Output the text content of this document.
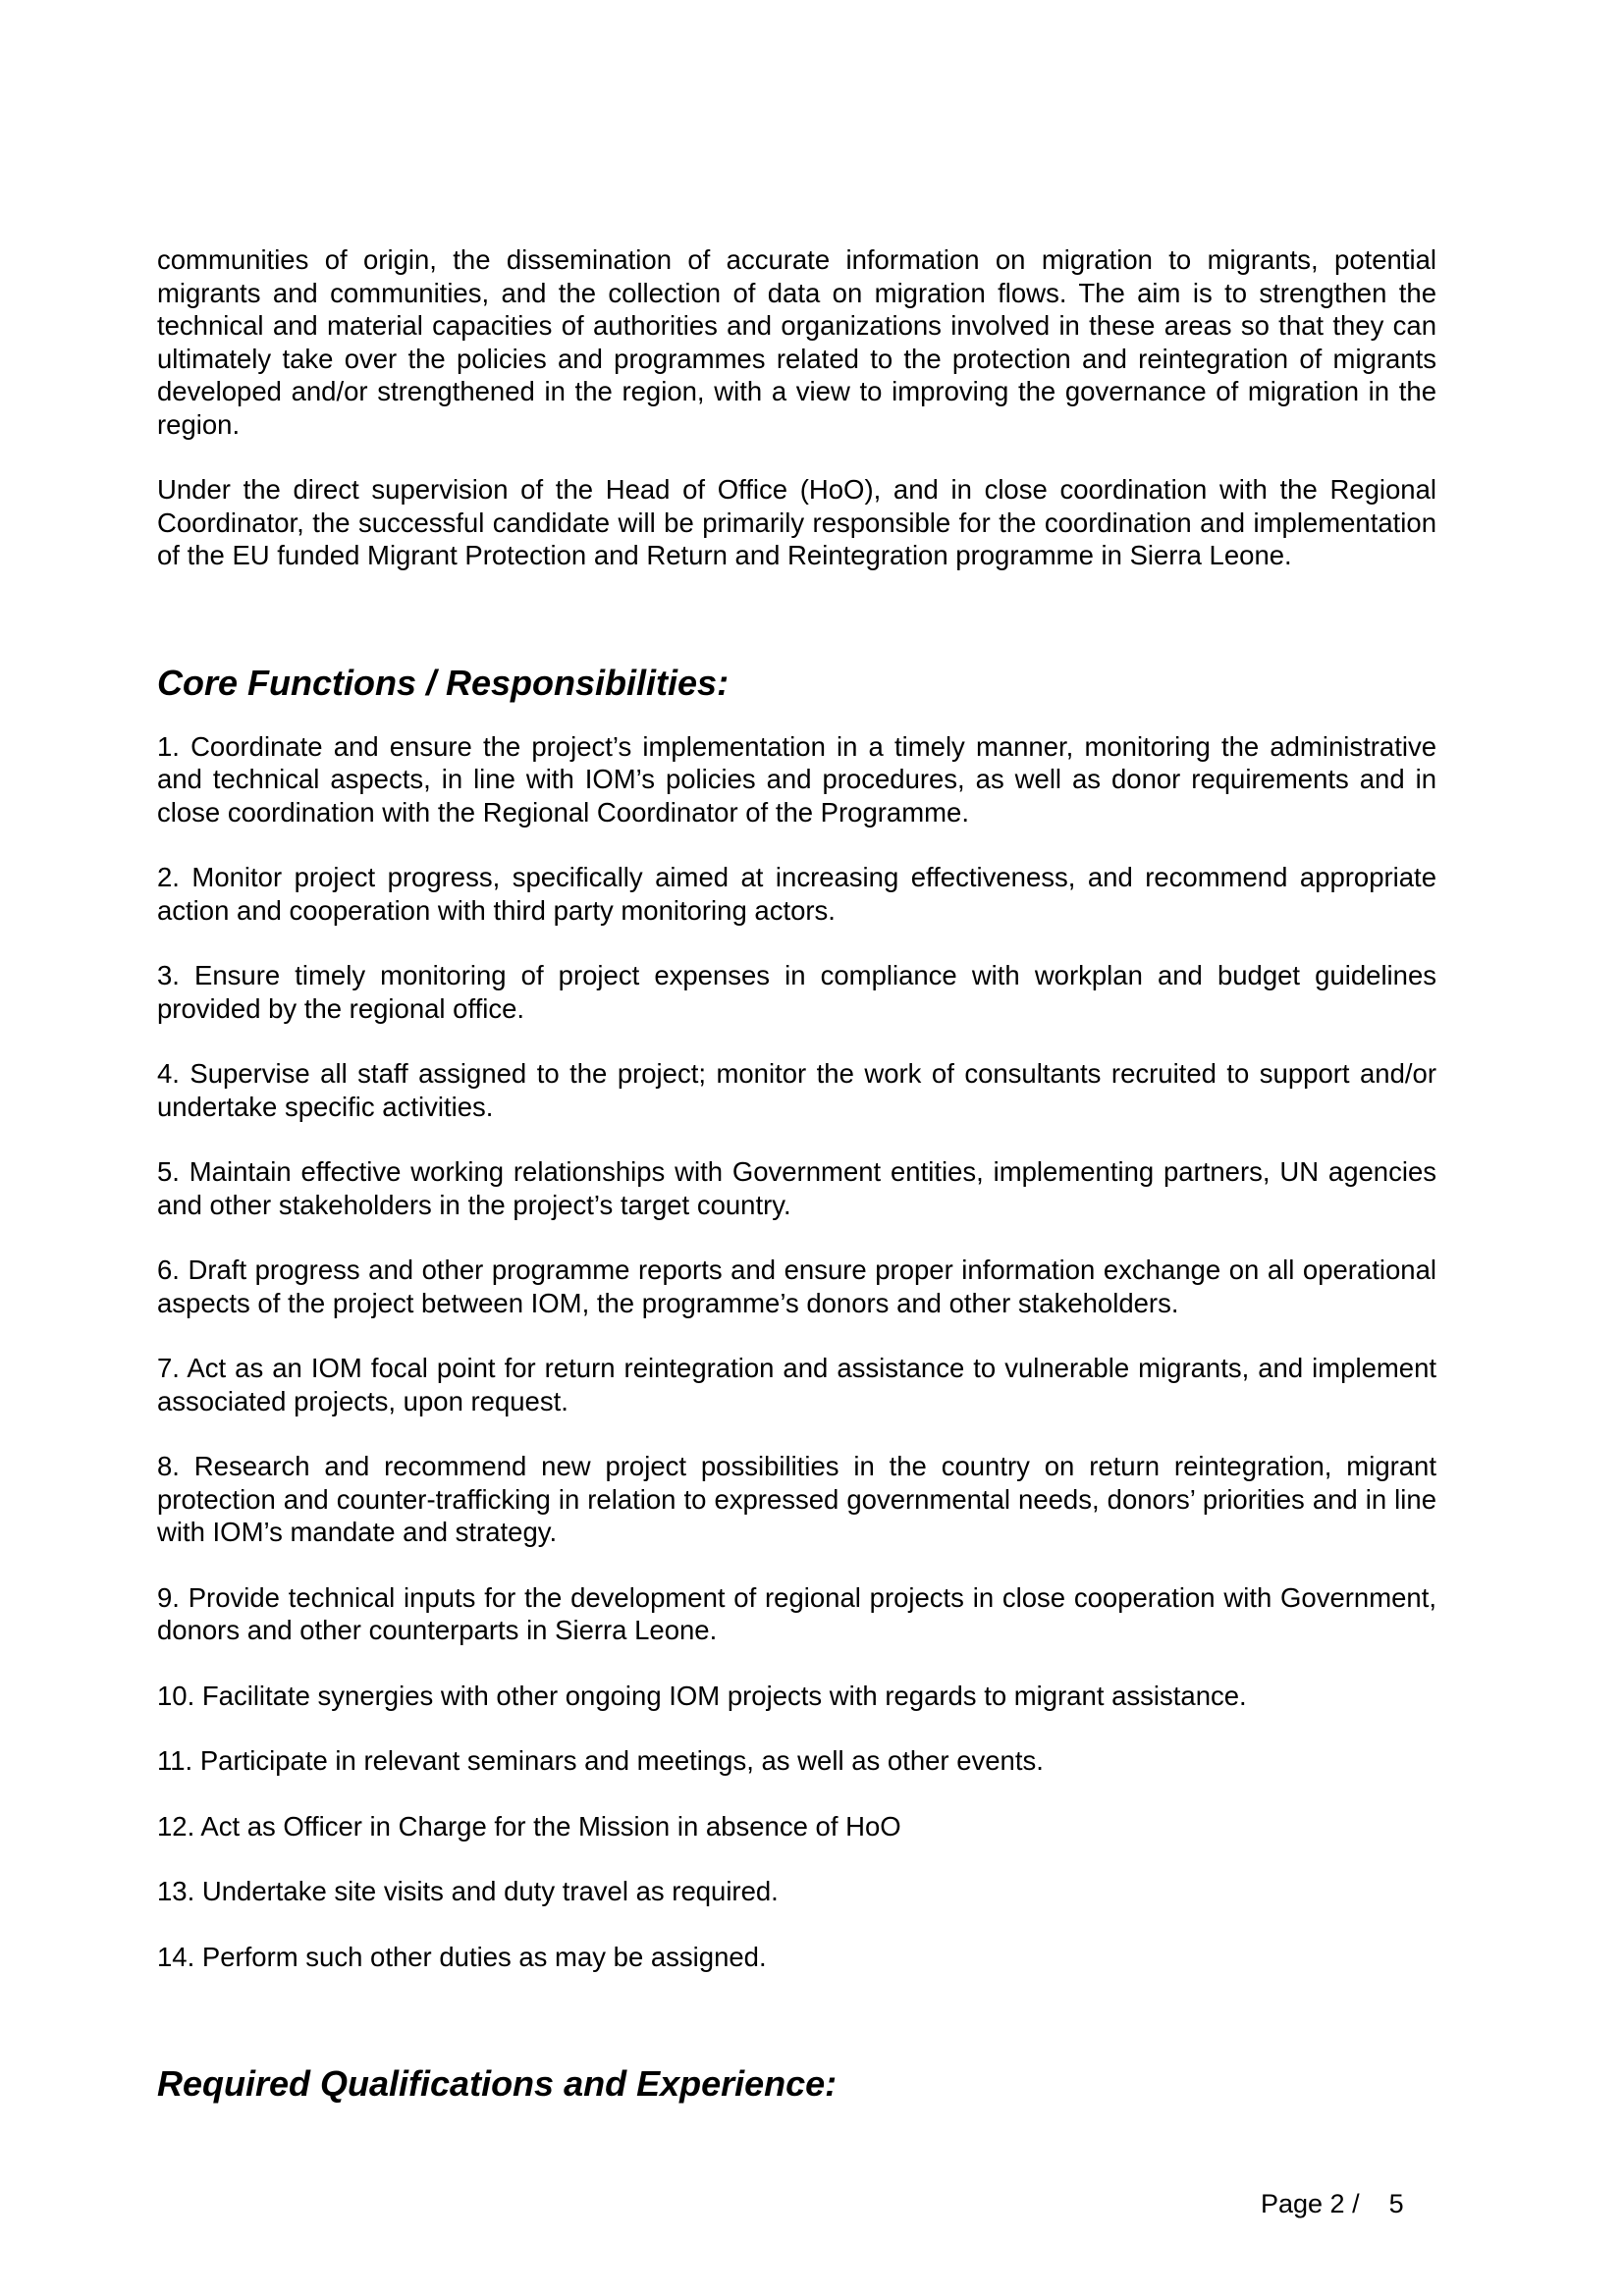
communities of origin, the dissemination of accurate information on migration to migrants, potential migrants and communities, and the collection of data on migration flows. The aim is to strengthen the technical and material capacities of authorities and organizations involved in these areas so that they can ultimately take over the policies and programmes related to the protection and reintegration of migrants developed and/or strengthened in the region, with a view to improving the governance of migration in the region.

Under the direct supervision of the Head of Office (HoO), and in close coordination with the Regional Coordinator, the successful candidate will be primarily responsible for the coordination and implementation of the EU funded Migrant Protection and Return and Reintegration programme in Sierra Leone.

Core Functions / Responsibilities:

1. Coordinate and ensure the project’s implementation in a timely manner, monitoring the administrative and technical aspects, in line with IOM’s policies and procedures, as well as donor requirements and in close coordination with the Regional Coordinator of the Programme.

2. Monitor project progress, specifically aimed at increasing effectiveness, and recommend appropriate action and cooperation with third party monitoring actors.

3. Ensure timely monitoring of project expenses in compliance with workplan and budget guidelines provided by the regional office.

4. Supervise all staff assigned to the project; monitor the work of consultants recruited to support and/or undertake specific activities.

5. Maintain effective working relationships with Government entities, implementing partners, UN agencies and other stakeholders in the project’s target country.

6. Draft progress and other programme reports and ensure proper information exchange on all operational aspects of the project between IOM, the programme’s donors and other stakeholders.

7. Act as an IOM focal point for return reintegration and assistance to vulnerable migrants, and implement associated projects, upon request.

8. Research and recommend new project possibilities in the country on return reintegration, migrant protection and counter-trafficking in relation to expressed governmental needs, donors’ priorities and in line with IOM’s mandate and strategy.

9. Provide technical inputs for the development of regional projects in close cooperation with Government, donors and other counterparts in Sierra Leone.

10. Facilitate synergies with other ongoing IOM projects with regards to migrant assistance.

11. Participate in relevant seminars and meetings, as well as other events.

12. Act as Officer in Charge for the Mission in absence of HoO

13. Undertake site visits and duty travel as required.

14. Perform such other duties as may be assigned.

Required Qualifications and Experience:
Page 2 /    5
